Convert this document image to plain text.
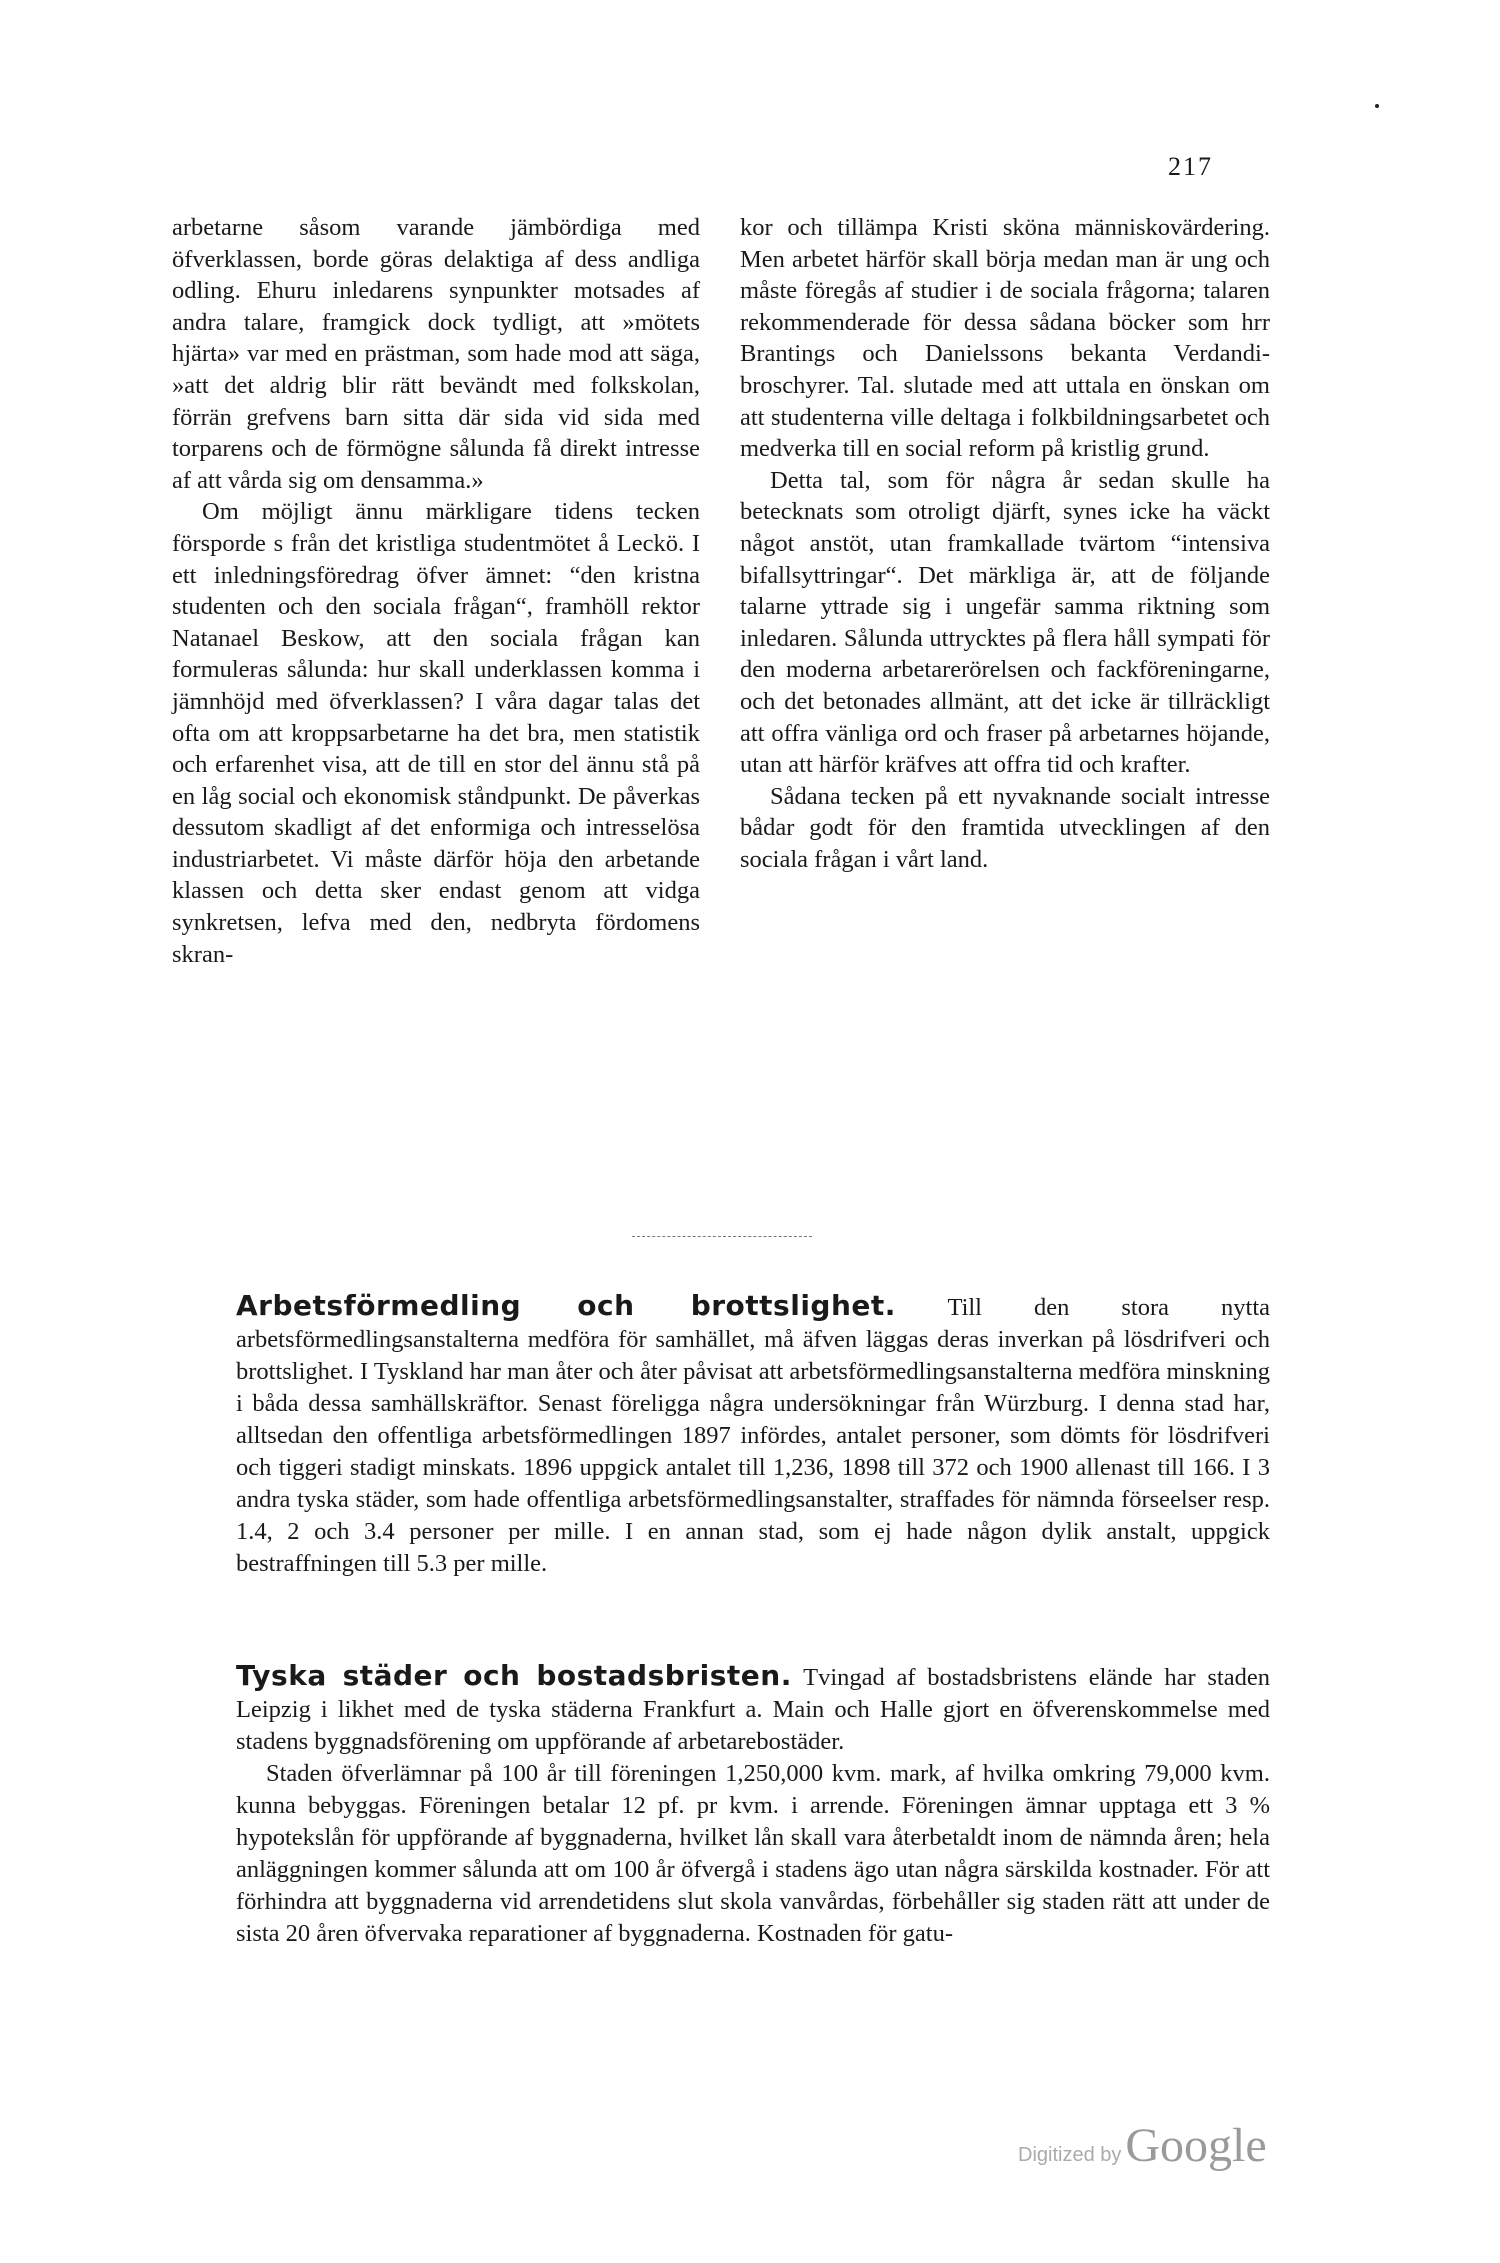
217

arbetarne såsom varande jämbördiga med öfverklassen, borde göras delaktiga af dess andliga odling. Ehuru inledarens synpunkter motsades af andra talare, framgick dock tydligt, att »mötets hjärta» var med en prästman, som hade mod att säga, »att det aldrig blir rätt bevändt med folkskolan, förrän grefvens barn sitta där sida vid sida med torparens och de förmögne sålunda få direkt intresse af att vårda sig om densamma.»

Om möjligt ännu märkligare tidens tecken försporde s från det kristliga studentmötet å Leckö. I ett inledningsföredrag öfver ämnet: “den kristna studenten och den sociala frågan“, framhöll rektor Natanael Beskow, att den sociala frågan kan formuleras sålunda: hur skall underklassen komma i jämnhöjd med öfverklassen? I våra dagar talas det ofta om att kroppsarbetarne ha det bra, men statistik och erfarenhet visa, att de till en stor del ännu stå på en låg social och ekonomisk ståndpunkt. De påverkas dessutom skadligt af det enformiga och intresselösa industriarbetet. Vi måste därför höja den arbetande klassen och detta sker endast genom att vidga synkretsen, lefva med den, nedbryta fördomens skran-

kor och tillämpa Kristi sköna människovärdering. Men arbetet härför skall börja medan man är ung och måste föregås af studier i de sociala frågorna; talaren rekommenderade för dessa sådana böcker som hrr Brantings och Danielssons bekanta Verdandi-broschyrer. Tal. slutade med att uttala en önskan om att studenterna ville deltaga i folkbildningsarbetet och medverka till en social reform på kristlig grund.

Detta tal, som för några år sedan skulle ha betecknats som otroligt djärft, synes icke ha väckt något anstöt, utan framkallade tvärtom “intensiva bifallsyttringar“. Det märkliga är, att de följande talarne yttrade sig i ungefär samma riktning som inledaren. Sålunda uttrycktes på flera håll sympati för den moderna arbetarerörelsen och fackföreningarne, och det betonades allmänt, att det icke är tillräckligt att offra vänliga ord och fraser på arbetarnes höjande, utan att härför kräfves att offra tid och krafter.

Sådana tecken på ett nyvaknande socialt intresse bådar godt för den framtida utvecklingen af den sociala frågan i vårt land.

Arbetsförmedling och brottslighet. Till den stora nytta arbetsförmedlingsanstalterna medföra för samhället, må äfven läggas deras inverkan på lösdrifveri och brottslighet. I Tyskland har man åter och åter påvisat att arbetsförmedlingsanstalterna medföra minskning i båda dessa samhällskräftor. Senast föreligga några undersökningar från Würzburg. I denna stad har, alltsedan den offentliga arbetsförmedlingen 1897 infördes, antalet personer, som dömts för lösdrifveri och tiggeri stadigt minskats. 1896 uppgick antalet till 1,236, 1898 till 372 och 1900 allenast till 166. I 3 andra tyska städer, som hade offentliga arbetsförmedlingsanstalter, straffades för nämnda förseelser resp. 1.4, 2 och 3.4 personer per mille. I en annan stad, som ej hade någon dylik anstalt, uppgick bestraffningen till 5.3 per mille.

Tyska städer och bostadsbristen. Tvingad af bostadsbristens elände har staden Leipzig i likhet med de tyska städerna Frankfurt a. Main och Halle gjort en öfverenskommelse med stadens byggnadsförening om uppförande af arbetarebostäder.

Staden öfverlämnar på 100 år till föreningen 1,250,000 kvm. mark, af hvilka omkring 79,000 kvm. kunna bebyggas. Föreningen betalar 12 pf. pr kvm. i arrende. Föreningen ämnar upptaga ett 3 % hypotekslån för uppförande af byggnaderna, hvilket lån skall vara återbetaldt inom de nämnda åren; hela anläggningen kommer sålunda att om 100 år öfvergå i stadens ägo utan några särskilda kostnader. För att förhindra att byggnaderna vid arrendetidens slut skola vanvårdas, förbehåller sig staden rätt att under de sista 20 åren öfvervaka reparationer af byggnaderna. Kostnaden för gatu-

Digitized byGoogle
